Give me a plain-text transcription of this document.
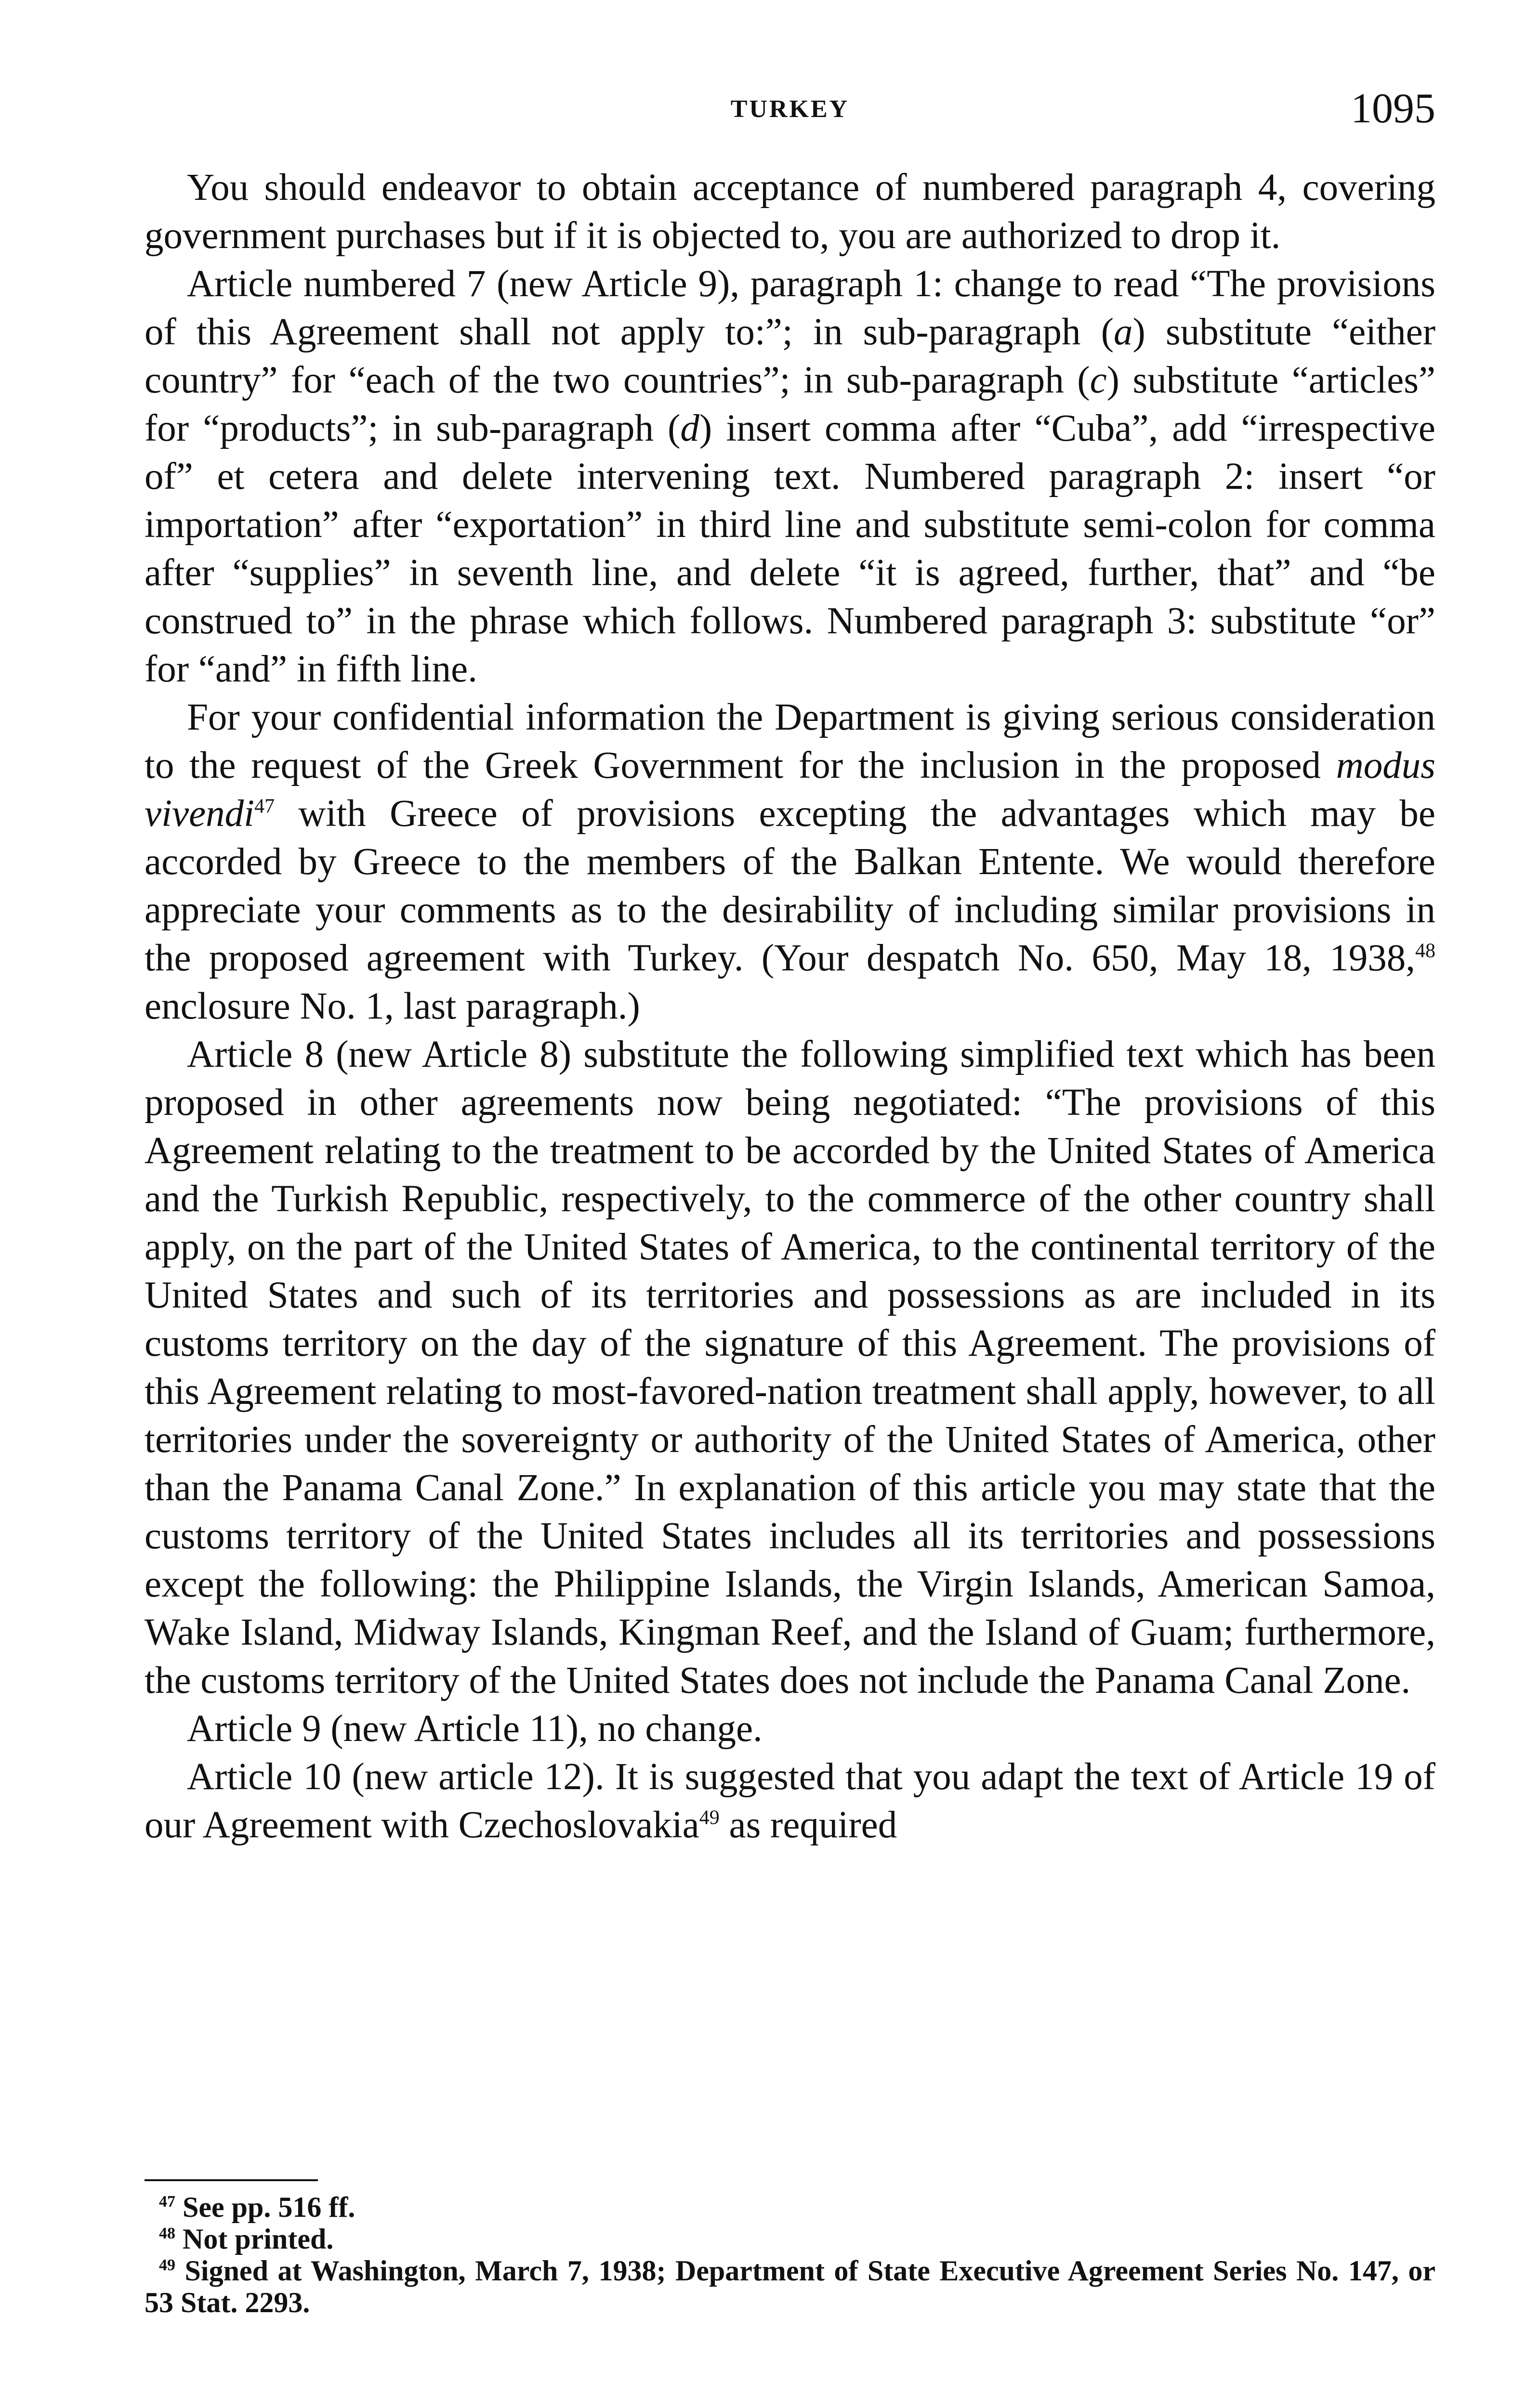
TURKEY	1095

You should endeavor to obtain acceptance of numbered paragraph 4, covering government purchases but if it is objected to, you are authorized to drop it.

Article numbered 7 (new Article 9), paragraph 1: change to read “The provisions of this Agreement shall not apply to:”; in sub-paragraph (a) substitute “either country” for “each of the two countries”; in sub-paragraph (c) substitute “articles” for “products”; in sub-paragraph (d) insert comma after “Cuba”, add “irrespective of” et cetera and delete intervening text. Numbered paragraph 2: insert “or importation” after “exportation” in third line and substitute semi-colon for comma after “supplies” in seventh line, and delete “it is agreed, further, that” and “be construed to” in the phrase which follows. Numbered paragraph 3: substitute “or” for “and” in fifth line.

For your confidential information the Department is giving serious consideration to the request of the Greek Government for the inclusion in the proposed modus vivendi$^{47}$ with Greece of provisions excepting the advantages which may be accorded by Greece to the members of the Balkan Entente. We would therefore appreciate your comments as to the desirability of including similar provisions in the proposed agreement with Turkey. (Your despatch No. 650, May 18, 1938,48 enclosure No. 1, last paragraph.)

Article 8 (new Article 8) substitute the following simplified text which has been proposed in other agreements now being negotiated: “The provisions of this Agreement relating to the treatment to be accorded by the United States of America and the Turkish Republic, respectively, to the commerce of the other country shall apply, on the part of the United States of America, to the continental territory of the United States and such of its territories and possessions as are included in its customs territory on the day of the signature of this Agreement. The provisions of this Agreement relating to most-favored-nation treatment shall apply, however, to all territories under the sovereignty or authority of the United States of America, other than the Panama Canal Zone.” In explanation of this article you may state that the customs territory of the United States includes all its territories and possessions except the following: the Philippine Islands, the Virgin Islands, American Samoa, Wake Island, Midway Islands, Kingman Reef, and the Island of Guam; furthermore, the customs territory of the United States does not include the Panama Canal Zone.

Article 9 (new Article 11), no change.

Article 10 (new article 12). It is suggested that you adapt the text of Article 19 of our Agreement with Czechoslovakia$^{49}$ as required

$^{47}$ See pp. 516 ff.

$^{48}$ Not printed.

$^{49}$ Signed at Washington, March 7, 1938; Department of State Executive Agreement Series No. 147, or 53 Stat. 2293.
